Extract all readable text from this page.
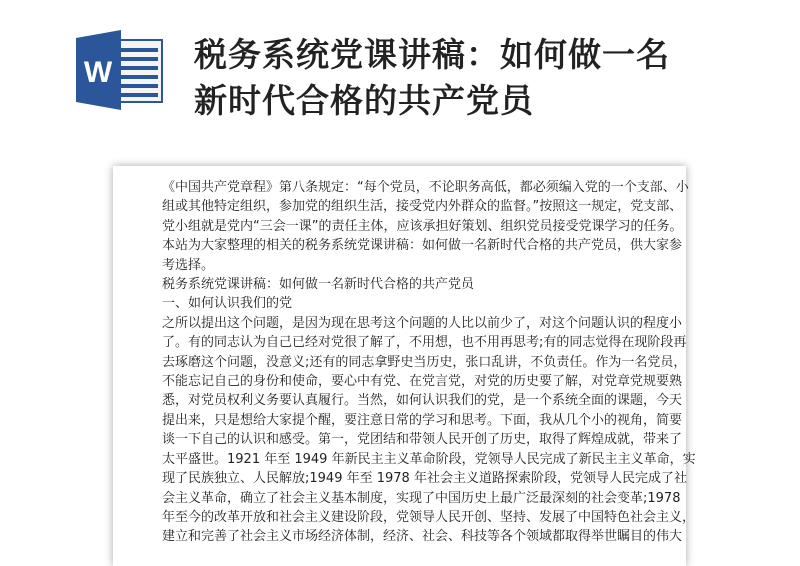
W 税务系统党课讲稿：如何做一名
新时代合格的共产党员
《中国共产党章程》第八条规定：“每个党员，不论职务高低，都必须编入党的一个支部、小
组或其他特定组织，参加党的组织生活，接受党内外群众的监督。”按照这一规定，党支部、
党小组就是党内“三会一课”的责任主体，应该承担好策划、组织党员接受党课学习的任务。
本站为大家整理的相关的税务系统党课讲稿：如何做一名新时代合格的共产党员，供大家参
考选择。
税务系统党课讲稿：如何做一名新时代合格的共产党员
一、如何认识我们的党
之所以提出这个问题，是因为现在思考这个问题的人比以前少了，对这个问题认识的程度小
了。有的同志认为自己已经对党很了解了，不用想，也不用再思考;有的同志觉得在现阶段再
去琢磨这个问题，没意义;还有的同志拿野史当历史，张口乱讲，不负责任。作为一名党员，
不能忘记自己的身份和使命，要心中有党、在党言党，对党的历史要了解，对党章党规要熟
悉，对党员权利义务要认真履行。当然，如何认识我们的党，是一个系统全面的课题，今天
提出来，只是想给大家提个醒，要注意日常的学习和思考。下面，我从几个小的视角，简要
谈一下自己的认识和感受。第一，党团结和带领人民开创了历史，取得了辉煌成就，带来了
太平盛世。1921 年至 1949 年新民主主义革命阶段，党领导人民完成了新民主主义革命，实
现了民族独立、人民解放;1949 年至 1978 年社会主义道路探索阶段，党领导人民完成了社
会主义革命，确立了社会主义基本制度，实现了中国历史上最广泛最深刻的社会变革;1978
年至今的改革开放和社会主义建设阶段，党领导人民开创、坚持、发展了中国特色社会主义，
建立和完善了社会主义市场经济体制，经济、社会、科技等各个领域都取得举世瞩目的伟大
